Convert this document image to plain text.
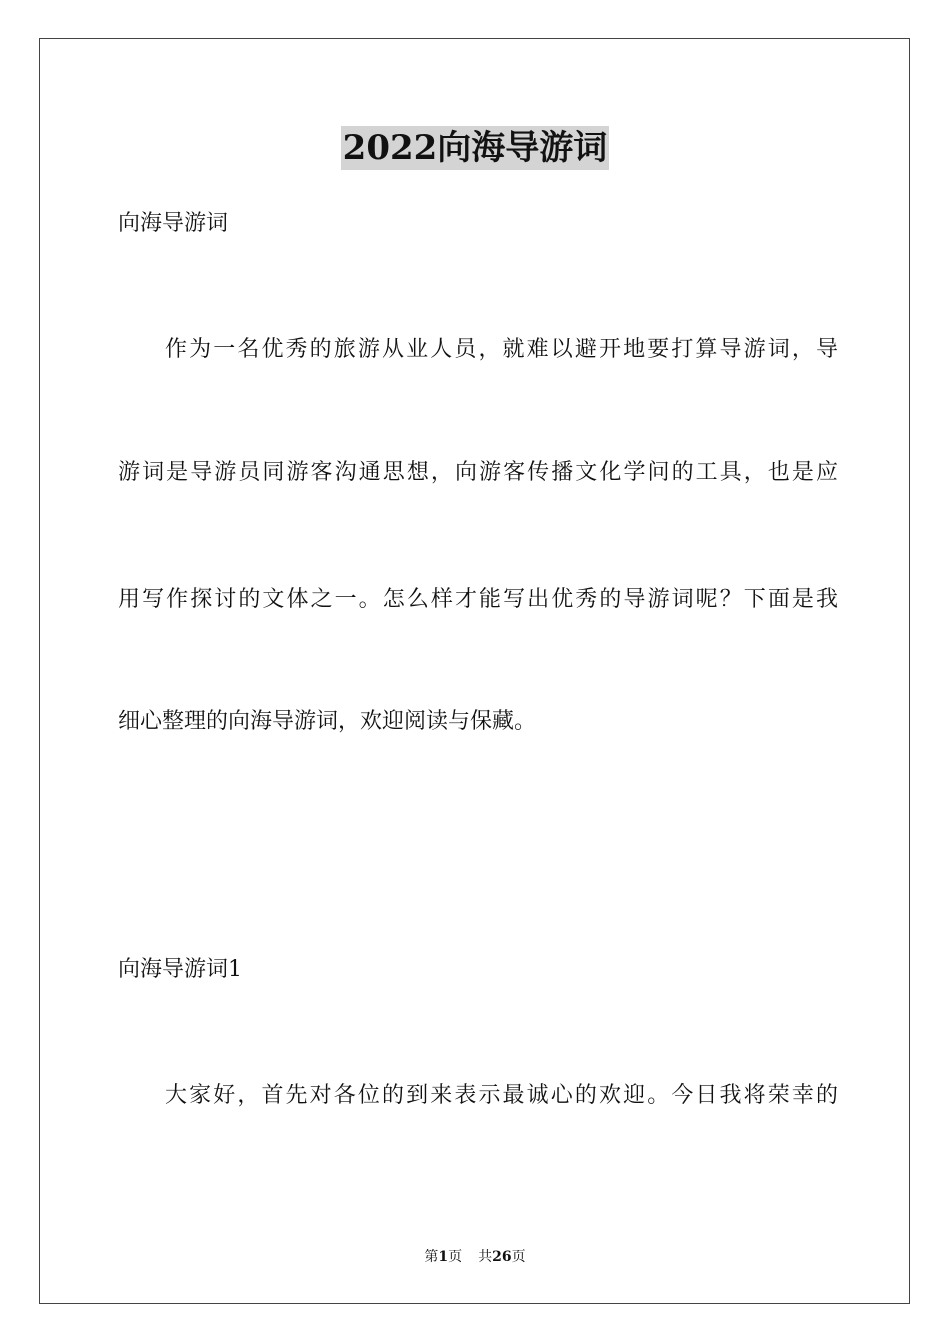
2022向海导游词
向海导游词
作为一名优秀的旅游从业人员，就难以避开地要打算导游词，导
游词是导游员同游客沟通思想，向游客传播文化学问的工具，也是应
用写作探讨的文体之一。怎么样才能写出优秀的导游词呢？下面是我
细心整理的向海导游词，欢迎阅读与保藏。
向海导游词1
大家好，首先对各位的到来表示最诚心的欢迎。今日我将荣幸的
第1页 共26页
